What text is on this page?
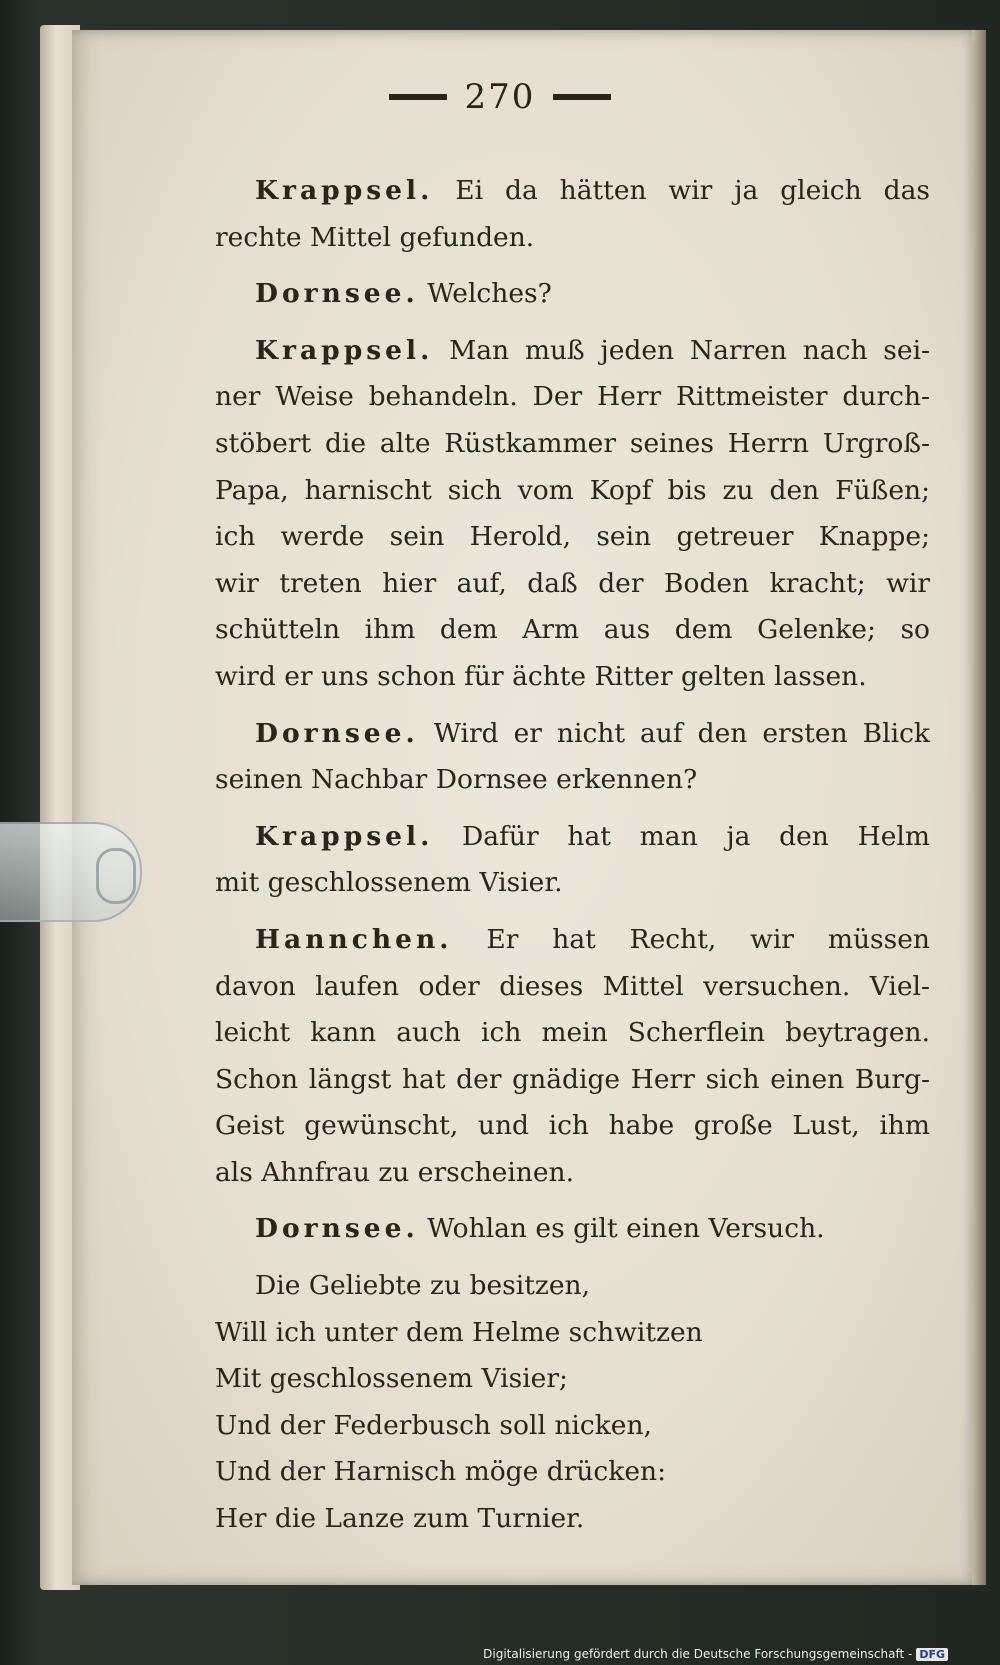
270
Krappsel. Ei da hätten wir ja gleich das
rechte Mittel gefunden.
Dornsee. Welches?
Krappsel. Man muß jeden Narren nach sei-
ner Weise behandeln. Der Herr Rittmeister durch-
stöbert die alte Rüstkammer seines Herrn Urgroß-
Papa, harnischt sich vom Kopf bis zu den Füßen;
ich werde sein Herold, sein getreuer Knappe;
wir treten hier auf, daß der Boden kracht; wir
schütteln ihm dem Arm aus dem Gelenke; so
wird er uns schon für ächte Ritter gelten lassen.
Dornsee. Wird er nicht auf den ersten Blick
seinen Nachbar Dornsee erkennen?
Krappsel. Dafür hat man ja den Helm
mit geschlossenem Visier.
Hannchen. Er hat Recht, wir müssen
davon laufen oder dieses Mittel versuchen. Viel-
leicht kann auch ich mein Scherflein beytragen.
Schon längst hat der gnädige Herr sich einen Burg-
Geist gewünscht, und ich habe große Lust, ihm
als Ahnfrau zu erscheinen.
Dornsee. Wohlan es gilt einen Versuch.
Die Geliebte zu besitzen,
Will ich unter dem Helme schwitzen
Mit geschlossenem Visier;
Und der Federbusch soll nicken,
Und der Harnisch möge drücken:
Her die Lanze zum Turnier.
Digitalisierung gefördert durch die Deutsche Forschungsgemeinschaft - DFG
